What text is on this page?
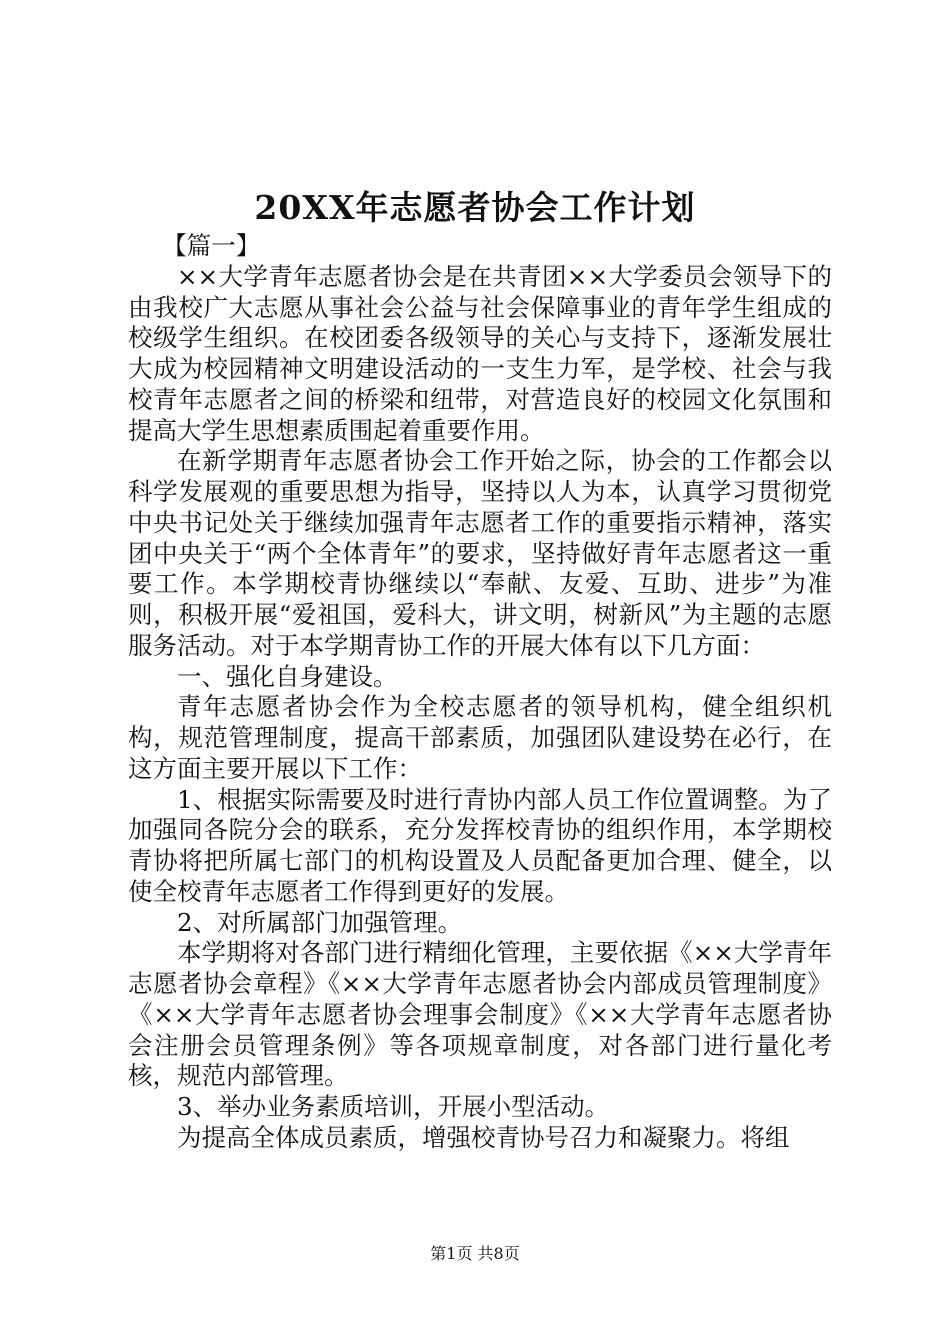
20XX年志愿者协会工作计划

【篇一】

××大学青年志愿者协会是在共青团××大学委员会领导下的由我校广大志愿从事社会公益与社会保障事业的青年学生组成的校级学生组织。在校团委各级领导的关心与支持下，逐渐发展壮大成为校园精神文明建设活动的一支生力军，是学校、社会与我校青年志愿者之间的桥梁和纽带，对营造良好的校园文化氛围和提高大学生思想素质围起着重要作用。

在新学期青年志愿者协会工作开始之际，协会的工作都会以科学发展观的重要思想为指导，坚持以人为本，认真学习贯彻党中央书记处关于继续加强青年志愿者工作的重要指示精神，落实团中央关于“两个全体青年”的要求，坚持做好青年志愿者这一重要工作。本学期校青协继续以“奉献、友爱、互助、进步”为准则，积极开展“爱祖国，爱科大，讲文明，树新风”为主题的志愿服务活动。对于本学期青协工作的开展大体有以下几方面：

一、强化自身建设。

青年志愿者协会作为全校志愿者的领导机构，健全组织机构，规范管理制度，提高干部素质，加强团队建设势在必行，在这方面主要开展以下工作：

1、根据实际需要及时进行青协内部人员工作位置调整。为了加强同各院分会的联系，充分发挥校青协的组织作用，本学期校青协将把所属七部门的机构设置及人员配备更加合理、健全，以使全校青年志愿者工作得到更好的发展。

2、对所属部门加强管理。

本学期将对各部门进行精细化管理，主要依据《××大学青年志愿者协会章程》《××大学青年志愿者协会内部成员管理制度》《××大学青年志愿者协会理事会制度》《××大学青年志愿者协会注册会员管理条例》等各项规章制度，对各部门进行量化考核，规范内部管理。

3、举办业务素质培训，开展小型活动。

为提高全体成员素质，增强校青协号召力和凝聚力。将组

第1页 共8页
